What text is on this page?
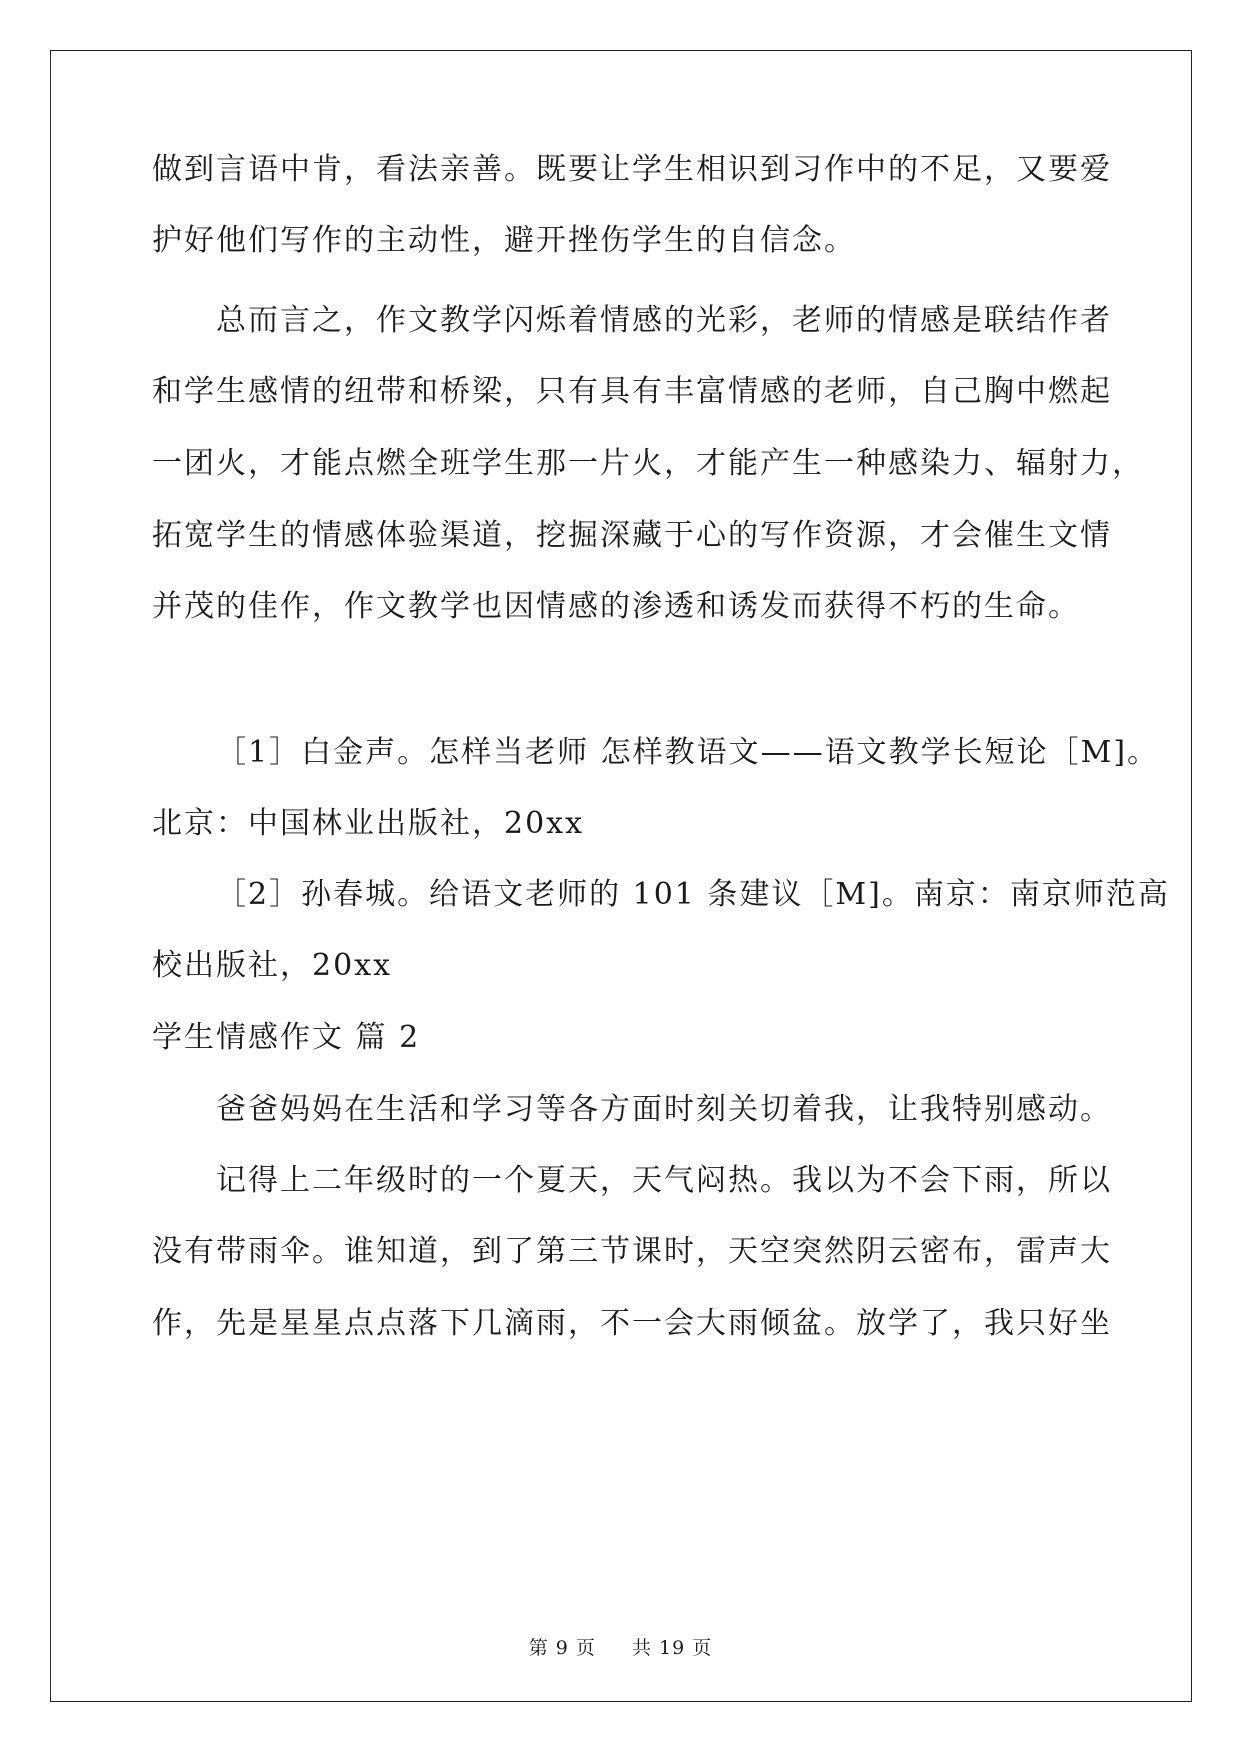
做到言语中肯，看法亲善。既要让学生相识到习作中的不足，又要爱
护好他们写作的主动性，避开挫伤学生的自信念。
总而言之，作文教学闪烁着情感的光彩，老师的情感是联结作者
和学生感情的纽带和桥梁，只有具有丰富情感的老师，自己胸中燃起
一团火，才能点燃全班学生那一片火，才能产生一种感染力、辐射力，
拓宽学生的情感体验渠道，挖掘深藏于心的写作资源，才会催生文情
并茂的佳作，作文教学也因情感的渗透和诱发而获得不朽的生命。
［1］白金声。怎样当老师 怎样教语文——语文教学长短论［M]。
北京：中国林业出版社，20xx
［2］孙春城。给语文老师的 101 条建议［M]。南京：南京师范高
校出版社，20xx
学生情感作文 篇 2
爸爸妈妈在生活和学习等各方面时刻关切着我，让我特别感动。
记得上二年级时的一个夏天，天气闷热。我以为不会下雨，所以
没有带雨伞。谁知道，到了第三节课时，天空突然阴云密布，雷声大
作，先是星星点点落下几滴雨，不一会大雨倾盆。放学了，我只好坐
第 9 页 共 19 页
